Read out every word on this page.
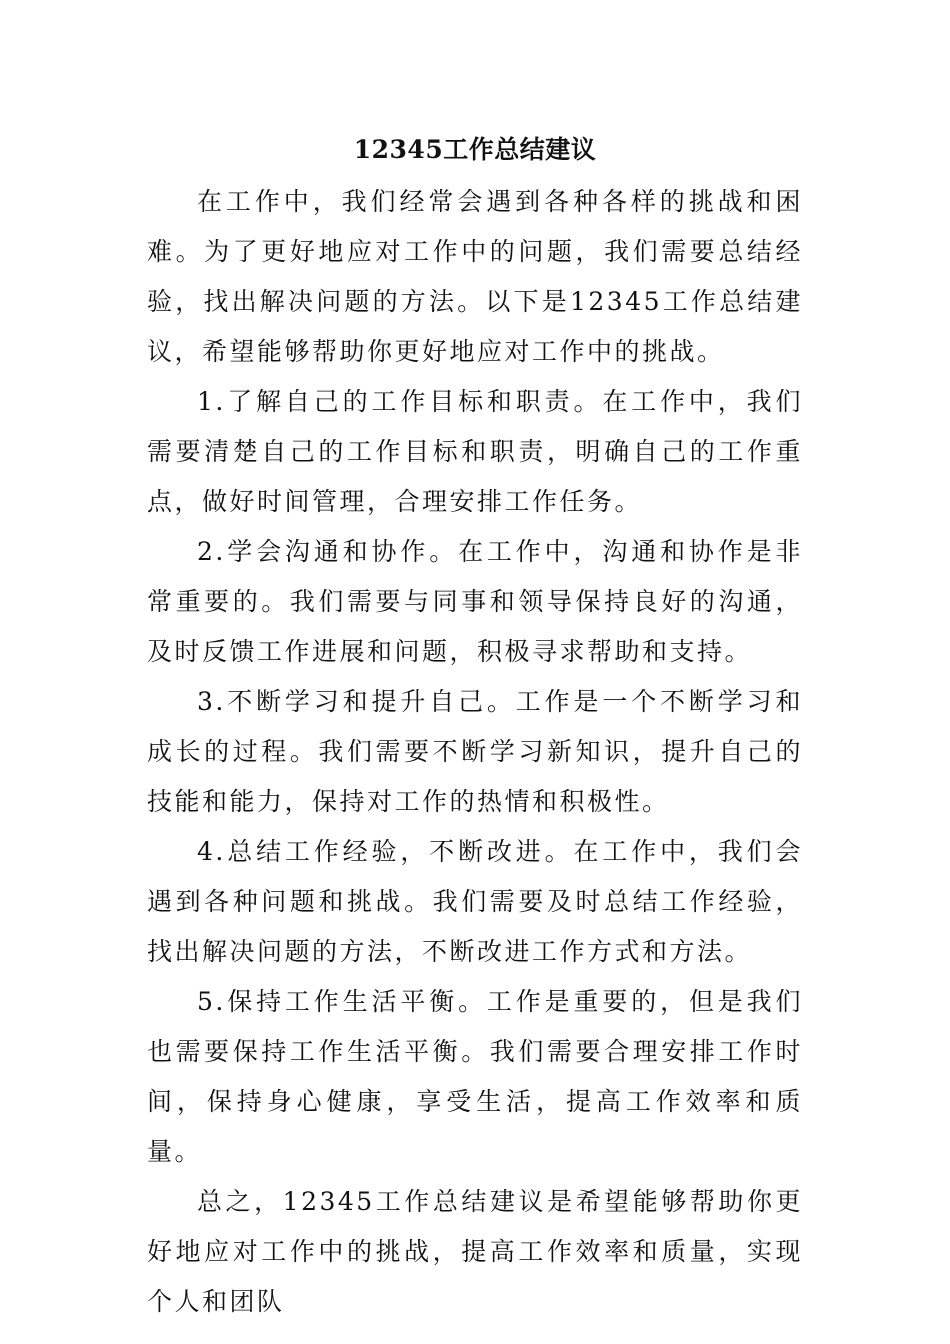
12345工作总结建议

在工作中，我们经常会遇到各种各样的挑战和困难。为了更好地应对工作中的问题，我们需要总结经验，找出解决问题的方法。以下是12345工作总结建议，希望能够帮助你更好地应对工作中的挑战。

1.了解自己的工作目标和职责。在工作中，我们需要清楚自己的工作目标和职责，明确自己的工作重点，做好时间管理，合理安排工作任务。

2.学会沟通和协作。在工作中，沟通和协作是非常重要的。我们需要与同事和领导保持良好的沟通，及时反馈工作进展和问题，积极寻求帮助和支持。

3.不断学习和提升自己。工作是一个不断学习和成长的过程。我们需要不断学习新知识，提升自己的技能和能力，保持对工作的热情和积极性。

4.总结工作经验，不断改进。在工作中，我们会遇到各种问题和挑战。我们需要及时总结工作经验，找出解决问题的方法，不断改进工作方式和方法。

5.保持工作生活平衡。工作是重要的，但是我们也需要保持工作生活平衡。我们需要合理安排工作时间，保持身心健康，享受生活，提高工作效率和质量。

总之，12345工作总结建议是希望能够帮助你更好地应对工作中的挑战，提高工作效率和质量，实现个人和团队
